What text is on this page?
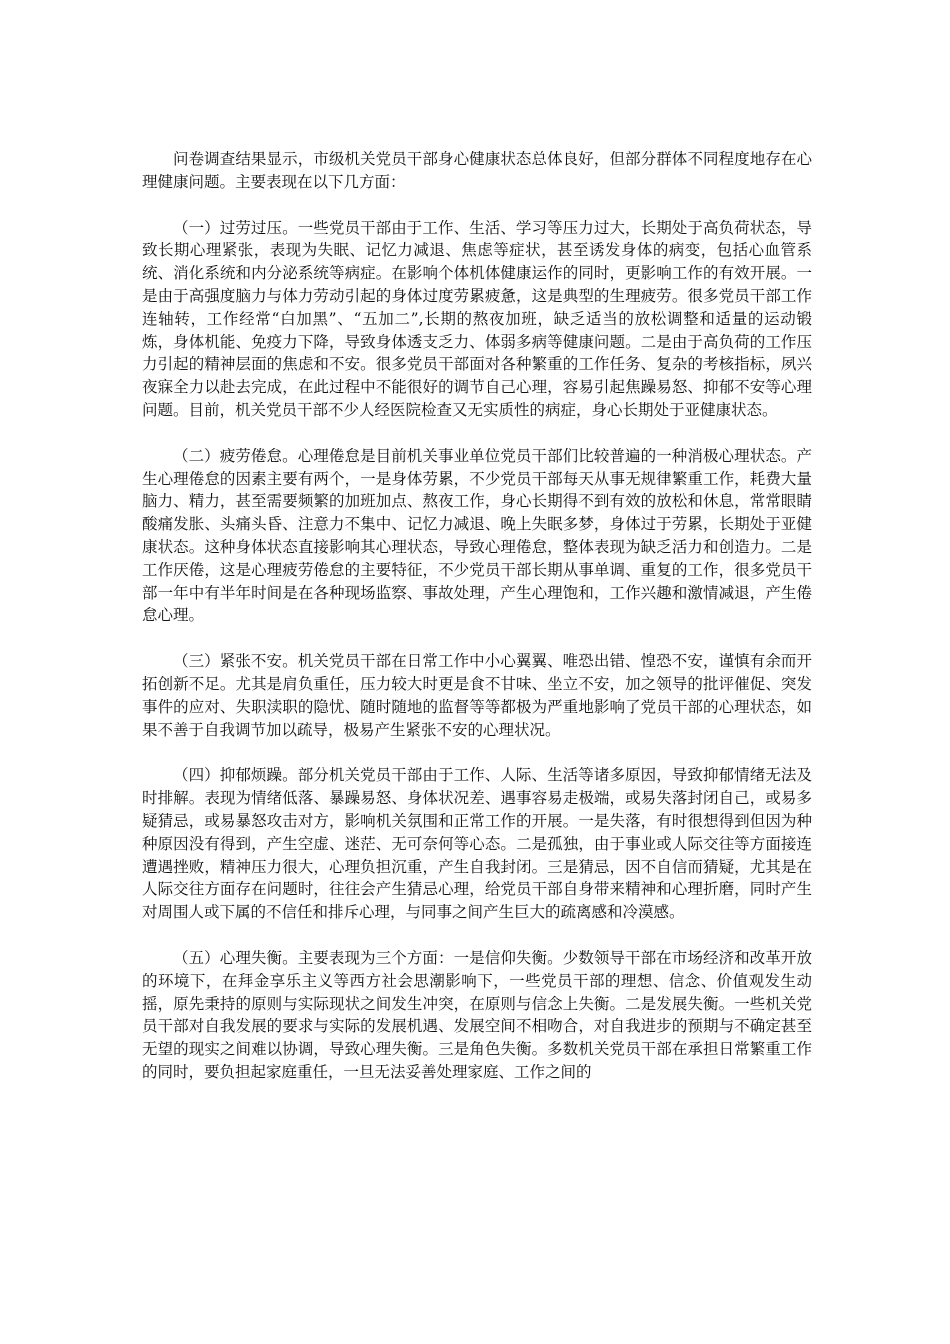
问卷调查结果显示，市级机关党员干部身心健康状态总体良好，但部分群体不同程度地存在心理健康问题。主要表现在以下几方面：

（一）过劳过压。一些党员干部由于工作、生活、学习等压力过大，长期处于高负荷状态，导致长期心理紧张，表现为失眠、记忆力减退、焦虑等症状，甚至诱发身体的病变，包括心血管系统、消化系统和内分泌系统等病症。在影响个体机体健康运作的同时，更影响工作的有效开展。一是由于高强度脑力与体力劳动引起的身体过度劳累疲惫，这是典型的生理疲劳。很多党员干部工作连轴转，工作经常“白加黑”、“五加二”,长期的熬夜加班，缺乏适当的放松调整和适量的运动锻炼，身体机能、免疫力下降，导致身体透支乏力、体弱多病等健康问题。二是由于高负荷的工作压力引起的精神层面的焦虑和不安。很多党员干部面对各种繁重的工作任务、复杂的考核指标，夙兴夜寐全力以赴去完成，在此过程中不能很好的调节自己心理，容易引起焦躁易怒、抑郁不安等心理问题。目前，机关党员干部不少人经医院检查又无实质性的病症，身心长期处于亚健康状态。

（二）疲劳倦怠。心理倦怠是目前机关事业单位党员干部们比较普遍的一种消极心理状态。产生心理倦怠的因素主要有两个，一是身体劳累，不少党员干部每天从事无规律繁重工作，耗费大量脑力、精力，甚至需要频繁的加班加点、熬夜工作，身心长期得不到有效的放松和休息，常常眼睛酸痛发胀、头痛头昏、注意力不集中、记忆力减退、晚上失眠多梦，身体过于劳累，长期处于亚健康状态。这种身体状态直接影响其心理状态，导致心理倦怠，整体表现为缺乏活力和创造力。二是工作厌倦，这是心理疲劳倦怠的主要特征，不少党员干部长期从事单调、重复的工作，很多党员干部一年中有半年时间是在各种现场监察、事故处理，产生心理饱和，工作兴趣和激情减退，产生倦怠心理。

（三）紧张不安。机关党员干部在日常工作中小心翼翼、唯恐出错、惶恐不安，谨慎有余而开拓创新不足。尤其是肩负重任，压力较大时更是食不甘味、坐立不安，加之领导的批评催促、突发事件的应对、失职渎职的隐忧、随时随地的监督等等都极为严重地影响了党员干部的心理状态，如果不善于自我调节加以疏导，极易产生紧张不安的心理状况。

（四）抑郁烦躁。部分机关党员干部由于工作、人际、生活等诸多原因，导致抑郁情绪无法及时排解。表现为情绪低落、暴躁易怒、身体状况差、遇事容易走极端，或易失落封闭自己，或易多疑猜忌，或易暴怒攻击对方，影响机关氛围和正常工作的开展。一是失落，有时很想得到但因为种种原因没有得到，产生空虚、迷茫、无可奈何等心态。二是孤独，由于事业或人际交往等方面接连遭遇挫败，精神压力很大，心理负担沉重，产生自我封闭。三是猜忌，因不自信而猜疑，尤其是在人际交往方面存在问题时，往往会产生猜忌心理，给党员干部自身带来精神和心理折磨，同时产生对周围人或下属的不信任和排斥心理，与同事之间产生巨大的疏离感和冷漠感。

（五）心理失衡。主要表现为三个方面：一是信仰失衡。少数领导干部在市场经济和改革开放的环境下，在拜金享乐主义等西方社会思潮影响下，一些党员干部的理想、信念、价值观发生动摇，原先秉持的原则与实际现状之间发生冲突，在原则与信念上失衡。二是发展失衡。一些机关党员干部对自我发展的要求与实际的发展机遇、发展空间不相吻合，对自我进步的预期与不确定甚至无望的现实之间难以协调，导致心理失衡。三是角色失衡。多数机关党员干部在承担日常繁重工作的同时，要负担起家庭重任，一旦无法妥善处理家庭、工作之间的
